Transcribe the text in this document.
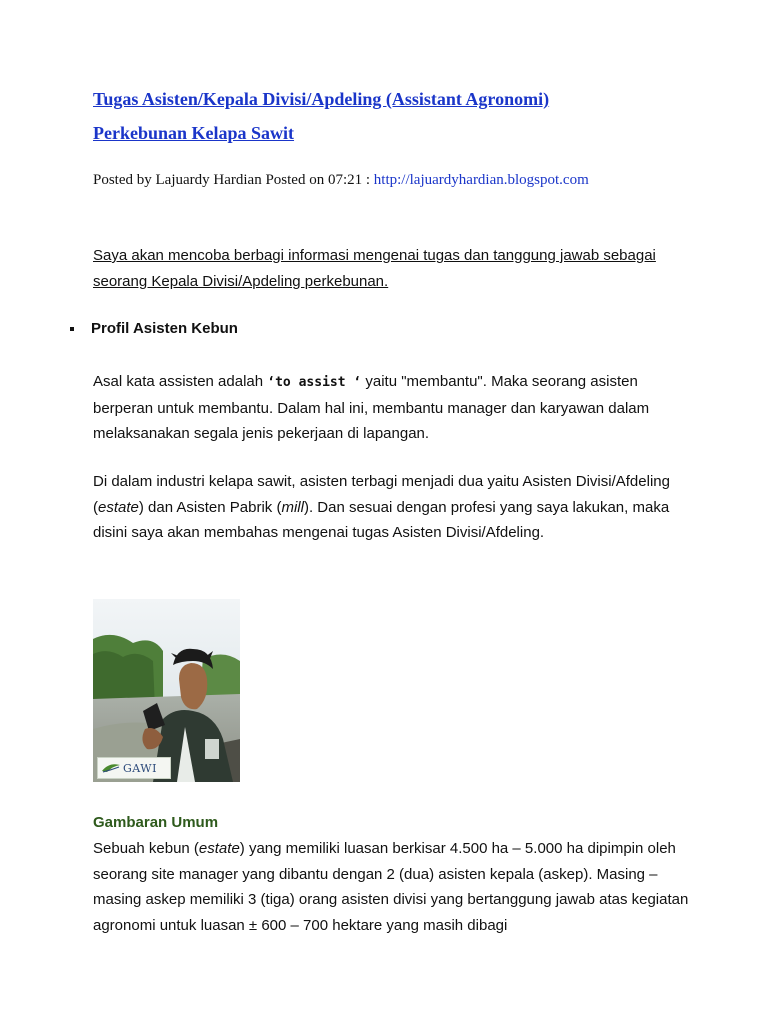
Tugas Asisten/Kepala Divisi/Apdeling (Assistant Agronomi)
Perkebunan Kelapa Sawit
Posted by Lajuardy Hardian Posted on 07:21 : http://lajuardyhardian.blogspot.com

Saya akan mencoba berbagi informasi mengenai tugas dan tanggung jawab sebagai seorang Kepala Divisi/Apdeling perkebunan.

Profil Asisten Kebun

Asal kata assisten adalah ‘to assist ‘ yaitu "membantu". Maka seorang asisten berperan untuk membantu. Dalam hal ini, membantu manager dan karyawan dalam melaksanakan segala jenis pekerjaan di lapangan.

Di dalam industri kelapa sawit, asisten terbagi menjadi dua yaitu Asisten Divisi/Afdeling (estate) dan Asisten Pabrik (mill). Dan sesuai dengan profesi yang saya lakukan, maka disini saya akan membahas mengenai tugas Asisten Divisi/Afdeling.

GAWI
Gambaran Umum

Sebuah kebun (estate) yang memiliki luasan berkisar 4.500 ha – 5.000 ha dipimpin oleh seorang site manager yang dibantu dengan 2 (dua) asisten kepala (askep). Masing – masing askep memiliki 3 (tiga) orang asisten divisi yang bertanggung jawab atas kegiatan agronomi untuk luasan ± 600 – 700 hektare yang masih dibagi
